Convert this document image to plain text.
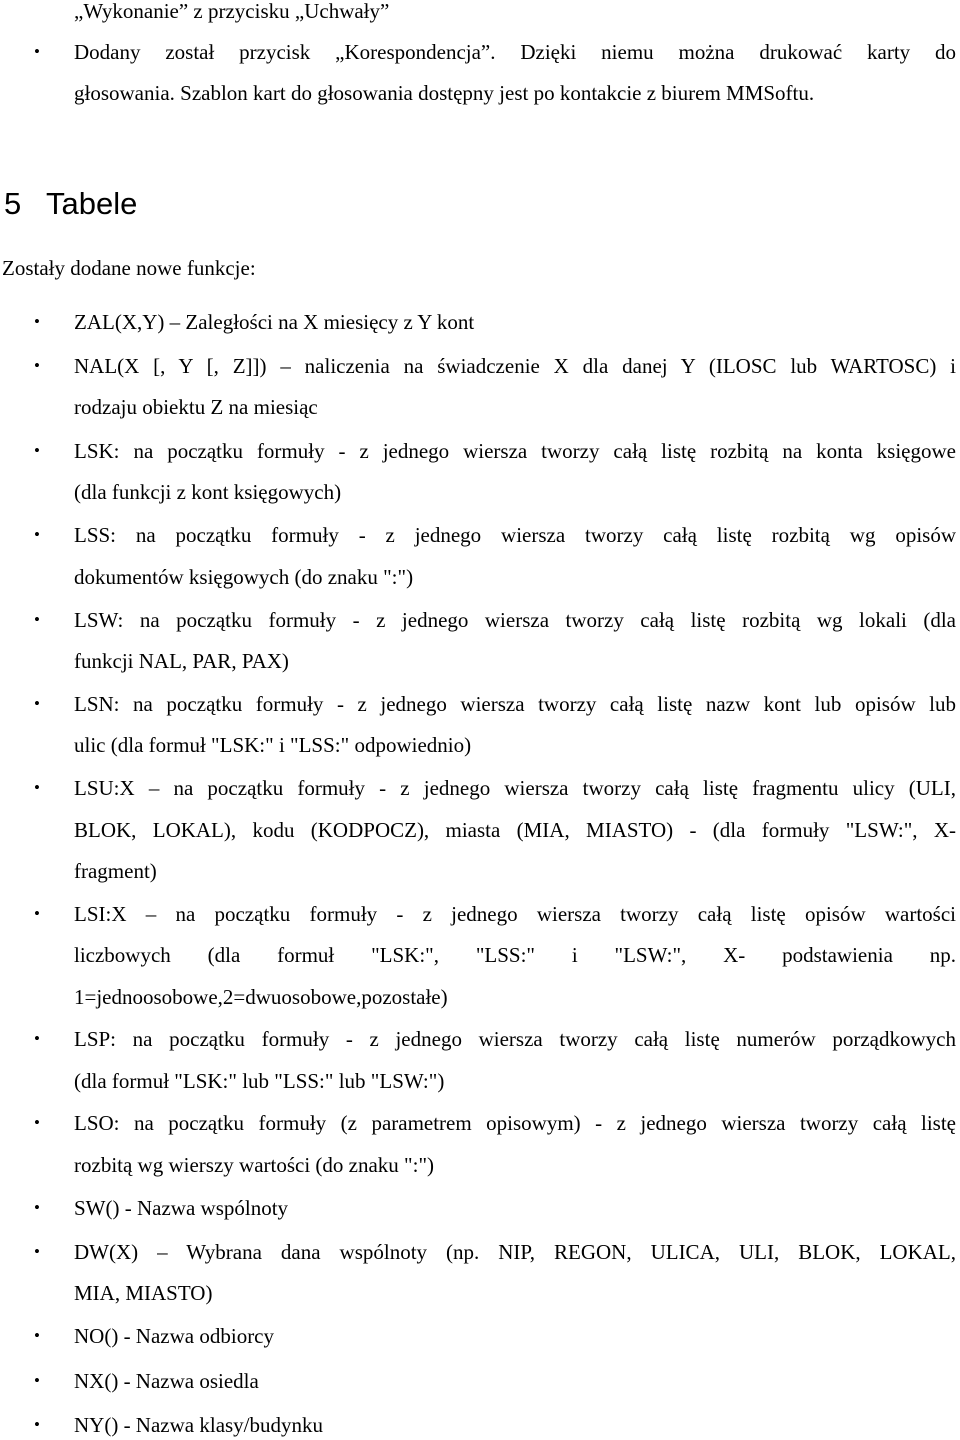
„Wykonanie” z przycisku „Uchwały”
• Dodany został przycisk „Korespondencja”. Dzięki niemu można drukować karty do
głosowania. Szablon kart do głosowania dostępny jest po kontakcie z biurem MMSoftu.
5 Tabele
Zostały dodane nowe funkcje:
• ZAL(X,Y) – Zaległości na X miesięcy z Y kont
• NAL(X [, Y [, Z]]) – naliczenia na świadczenie X dla danej Y (ILOSC lub WARTOSC) i
rodzaju obiektu Z na miesiąc
• LSK: na początku formuły - z jednego wiersza tworzy całą listę rozbitą na konta księgowe
(dla funkcji z kont księgowych)
• LSS: na początku formuły - z jednego wiersza tworzy całą listę rozbitą wg opisów
dokumentów księgowych (do znaku ":")
• LSW: na początku formuły - z jednego wiersza tworzy całą listę rozbitą wg lokali (dla
funkcji NAL, PAR, PAX)
• LSN: na początku formuły - z jednego wiersza tworzy całą listę nazw kont lub opisów lub
ulic (dla formuł "LSK:" i "LSS:" odpowiednio)
• LSU:X – na początku formuły - z jednego wiersza tworzy całą listę fragmentu ulicy (ULI,
BLOK, LOKAL), kodu (KODPOCZ), miasta (MIA, MIASTO) - (dla formuły "LSW:", X-
fragment)
• LSI:X – na początku formuły - z jednego wiersza tworzy całą listę opisów wartości
liczbowych (dla formuł "LSK:", "LSS:" i "LSW:", X- podstawienia np.
1=jednoosobowe,2=dwuosobowe,pozostałe)
• LSP: na początku formuły - z jednego wiersza tworzy całą listę numerów porządkowych
(dla formuł "LSK:" lub "LSS:" lub "LSW:")
• LSO: na początku formuły (z parametrem opisowym) - z jednego wiersza tworzy całą listę
rozbitą wg wierszy wartości (do znaku ":")
• SW() - Nazwa wspólnoty
• DW(X) – Wybrana dana wspólnoty (np. NIP, REGON, ULICA, ULI, BLOK, LOKAL,
MIA, MIASTO)
• NO() - Nazwa odbiorcy
• NX() - Nazwa osiedla
• NY() - Nazwa klasy/budynku
